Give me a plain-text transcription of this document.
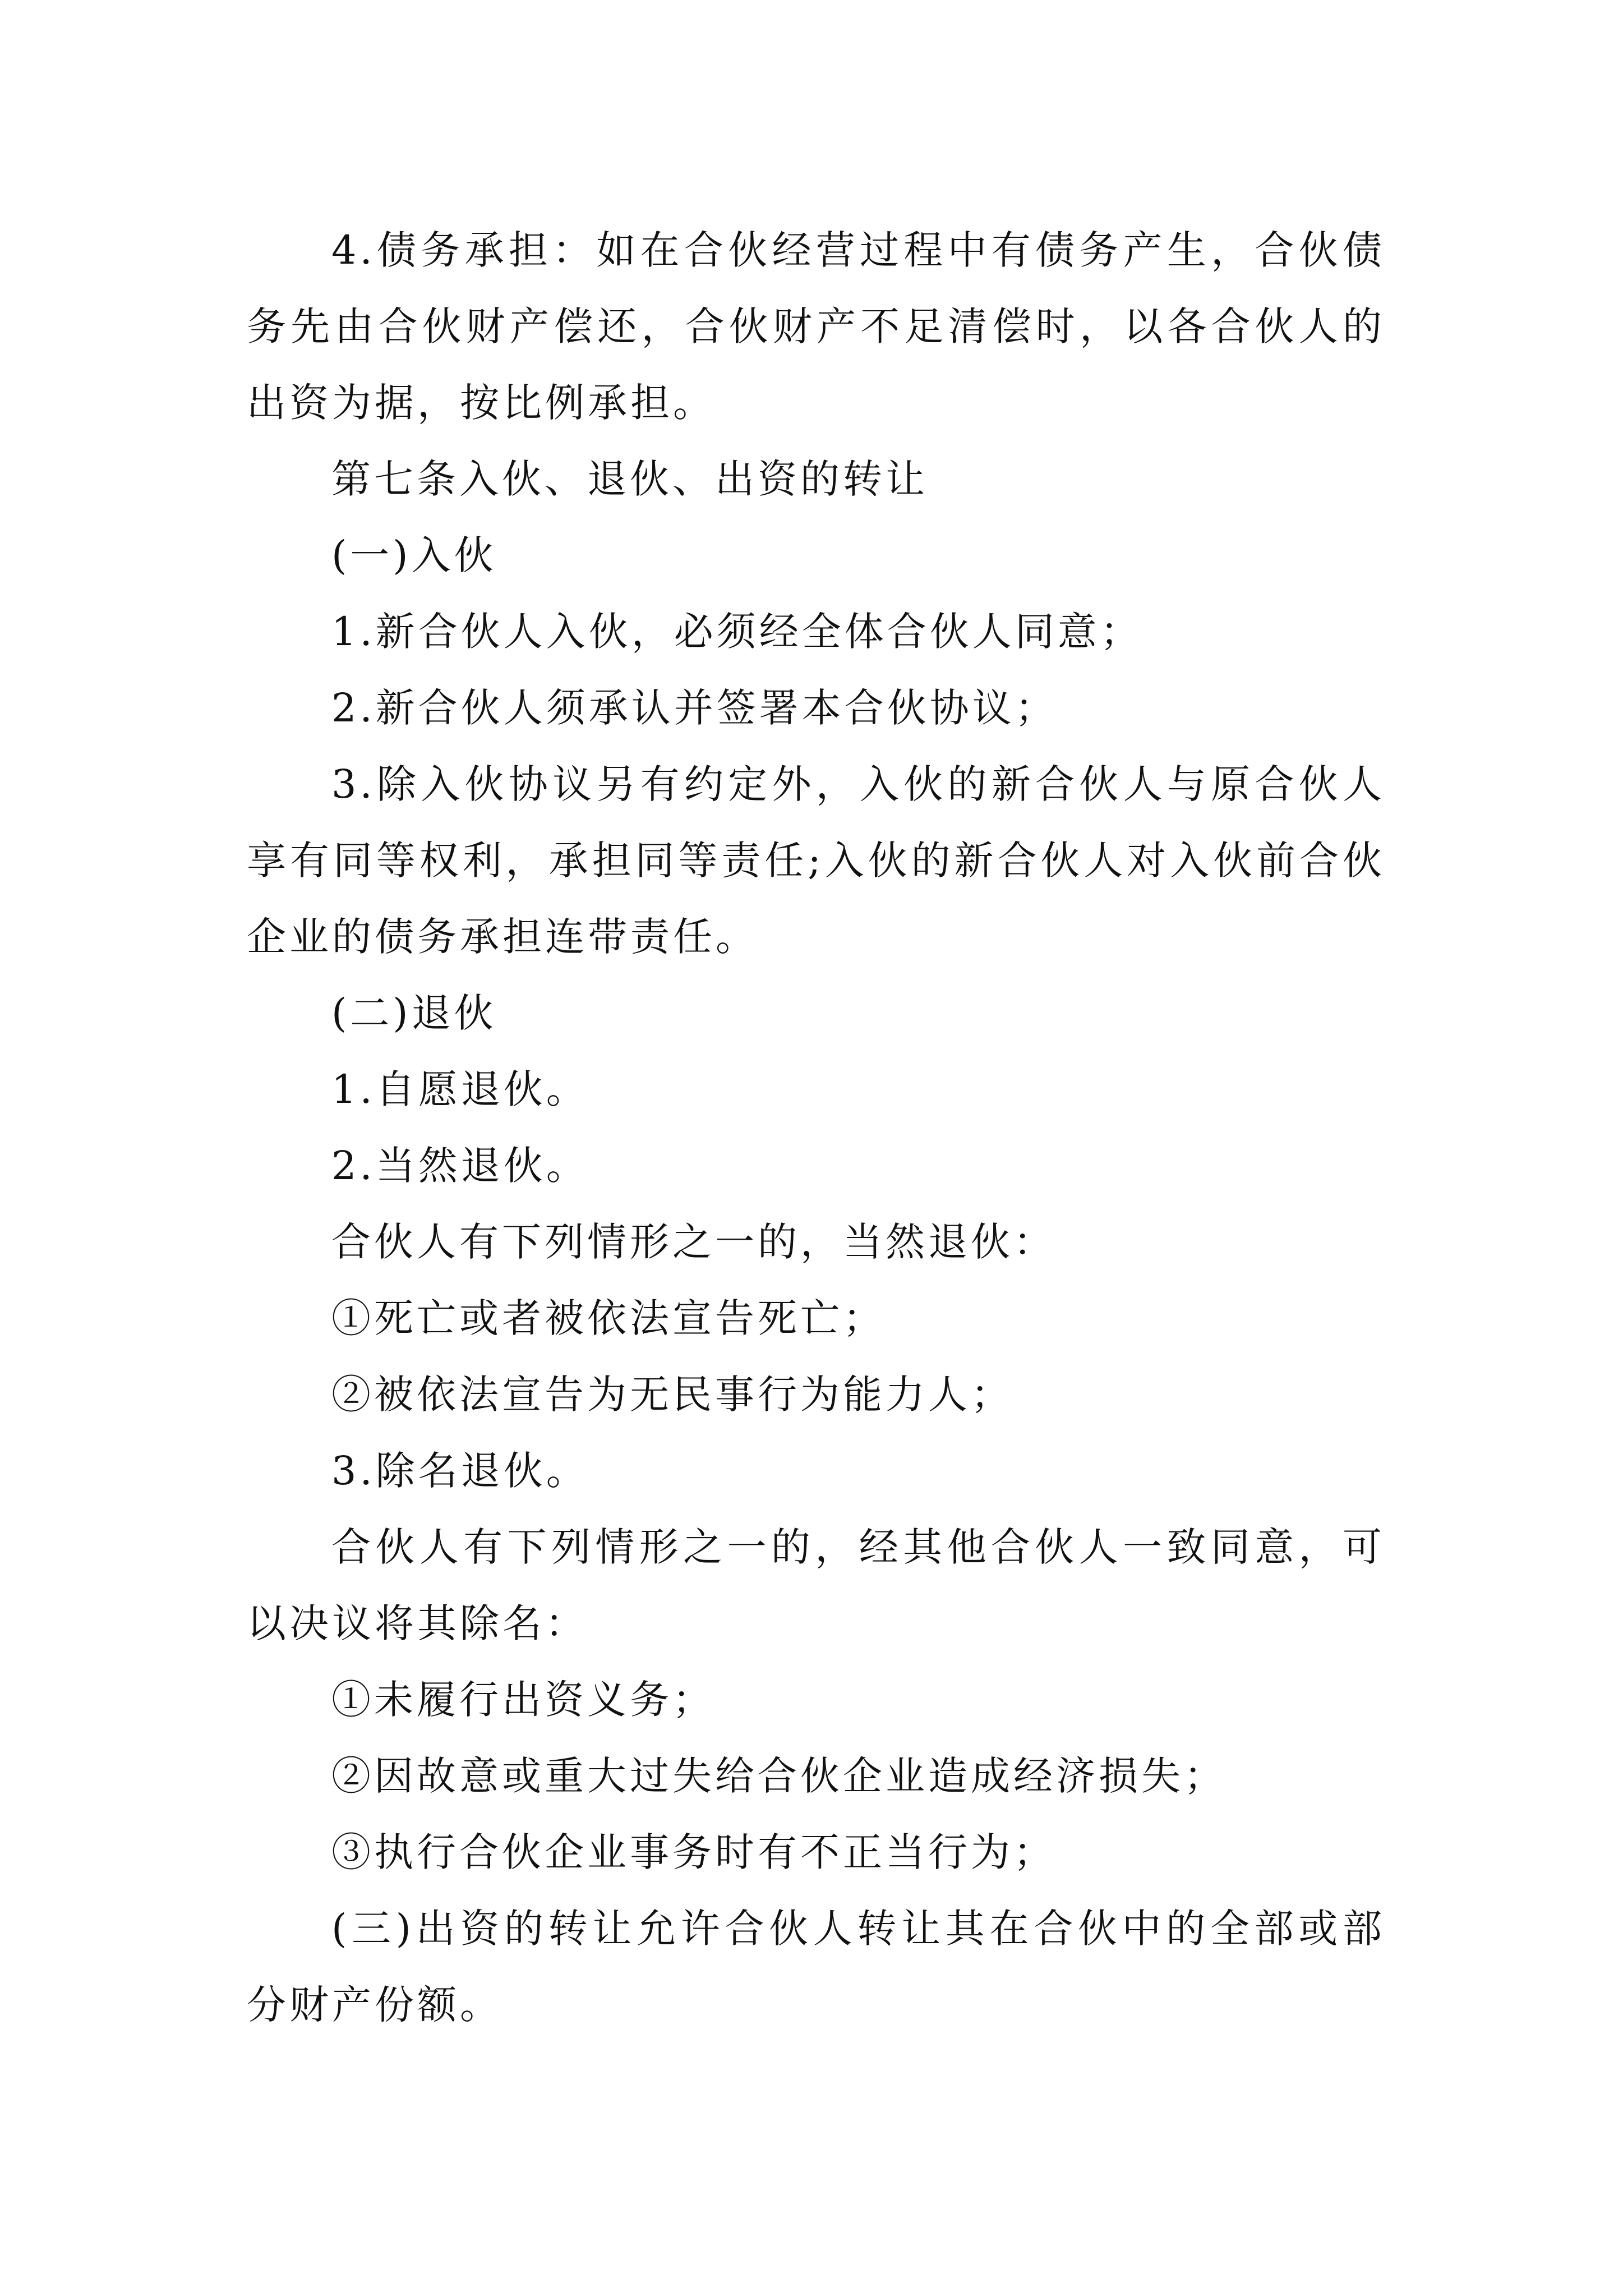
4.债务承担：如在合伙经营过程中有债务产生，合伙债务先由合伙财产偿还，合伙财产不足清偿时，以各合伙人的出资为据，按比例承担。

第七条入伙、退伙、出资的转让

(一)入伙

1.新合伙人入伙，必须经全体合伙人同意；

2.新合伙人须承认并签署本合伙协议；

3.除入伙协议另有约定外，入伙的新合伙人与原合伙人享有同等权利，承担同等责任;入伙的新合伙人对入伙前合伙企业的债务承担连带责任。

(二)退伙

1.自愿退伙。

2.当然退伙。

合伙人有下列情形之一的，当然退伙：

①死亡或者被依法宣告死亡；

②被依法宣告为无民事行为能力人；

3.除名退伙。

合伙人有下列情形之一的，经其他合伙人一致同意，可以决议将其除名：

①未履行出资义务；

②因故意或重大过失给合伙企业造成经济损失；

③执行合伙企业事务时有不正当行为；

(三)出资的转让允许合伙人转让其在合伙中的全部或部分财产份额。
